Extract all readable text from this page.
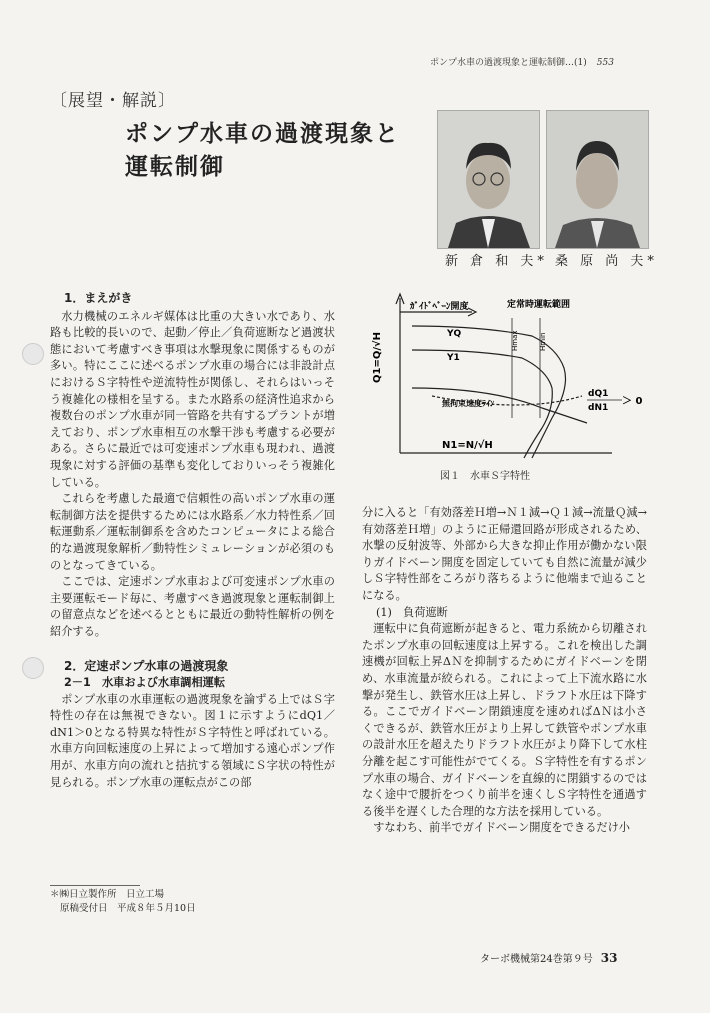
ポンプ水車の過渡現象と運転制御…(1) 553
〔展望・解説〕
ポンプ水車の過渡現象と
運転制御
新 倉 和 夫* 桑 原 尚 夫*
1．まえがき

水力機械のエネルギ媒体は比重の大きい水であり、水路も比較的長いので、起動／停止／負荷遮断など過渡状態において考慮すべき事項は水撃現象に関係するものが多い。特にここに述べるポンプ水車の場合には非設計点におけるＳ字特性や逆流特性が関係し、それらはいっそう複雑化の様相を呈する。また水路系の経済性追求から複数台のポンプ水車が同一管路を共有するプラントが増えており、ポンプ水車相互の水撃干渉も考慮する必要がある。さらに最近では可変速ポンプ水車も現われ、過渡現象に対する評価の基準も変化しておりいっそう複雑化している。

これらを考慮した最適で信頼性の高いポンプ水車の運転制御方法を提供するためには水路系／水力特性系／回転運動系／運転制御系を含めたコンピュータによる総合的な過渡現象解析／動特性シミュレーションが必須のものとなってきている。

ここでは、定速ポンプ水車および可変速ポンプ水車の主要運転モード毎に、考慮すべき過渡現象と運転制御上の留意点などを述べるとともに最近の動特性解析の例を紹介する。

2．定速ポンプ水車の過渡現象
2－1　水車および水車調相運転

ポンプ水車の水車運転の過渡現象を論ずる上ではＳ字特性の存在は無視できない。図１に示すようにdQ1／dN1＞0となる特異な特性がＳ字特性と呼ばれている。水車方向回転速度の上昇によって増加する遠心ポンプ作用が、水車方向の流れと拮抗する領域にＳ字状の特性が見られる。ポンプ水車の運転点がこの部

Q1=Q/√H
ｶﾞｲﾄﾞﾍﾞｰﾝ開度	定常時運転範囲
YQ
Y1
無拘束速度ﾗｲﾝ
Hmax	Hmin
dQ1
dN1
＞ 0
N1=N/√H
図１　水車Ｓ字特性

分に入ると「有効落差Ｈ増→Ｎ１減→Ｑ１減→流量Ｑ減→有効落差Ｈ増」のように正帰還回路が形成されるため、水撃の反射波等、外部から大きな抑止作用が働かない限りガイドベーン開度を固定していても自然に流量が減少しＳ字特性部をころがり落ちるように他端まで辿ることになる。

(1)　負荷遮断

運転中に負荷遮断が起きると、電力系統から切離されたポンプ水車の回転速度は上昇する。これを検出した調速機が回転上昇ΔＮを抑制するためにガイドベーンを閉め、水車流量が絞られる。これによって上下流水路に水撃が発生し、鉄管水圧は上昇し、ドラフト水圧は下降する。ここでガイドベーン閉鎖速度を速めればΔＮは小さくできるが、鉄管水圧がより上昇して鉄管やポンプ水車の設計水圧を超えたりドラフト水圧がより降下して水柱分離を起こす可能性がでてくる。Ｓ字特性を有するポンプ水車の場合、ガイドベーンを直線的に閉鎖するのではなく途中で腰折をつくり前半を速くしＳ字特性を通過する後半を遅くした合理的な方法を採用している。

すなわち、前半でガイドベーン開度をできるだけ小

＊㈱日立製作所　日立工場
原稿受付日　平成８年５月10日
ターボ機械第24巻第９号 33
